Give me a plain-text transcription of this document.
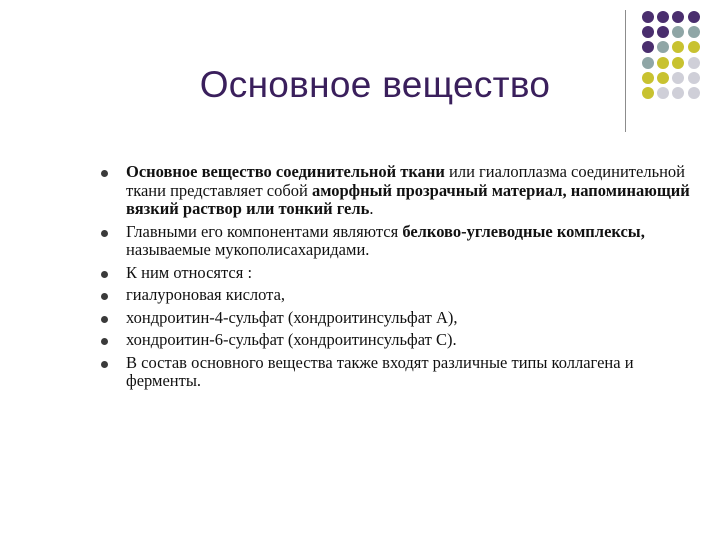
Основное вещество
Основное вещество соединительной ткани или гиалоплазма соединительной ткани представляет собой аморфный прозрачный материал, напоминающий вязкий раствор или тонкий гель.
Главными его компонентами являются белково-углеводные комплексы, называемые мукополисахаридами.
К ним относятся :
гиалуроновая кислота,
хондроитин-4-сульфат (хондроитинсульфат А),
хондроитин-6-сульфат (хондроитинсульфат С).
В состав основного вещества также входят различные типы коллагена и ферменты.
